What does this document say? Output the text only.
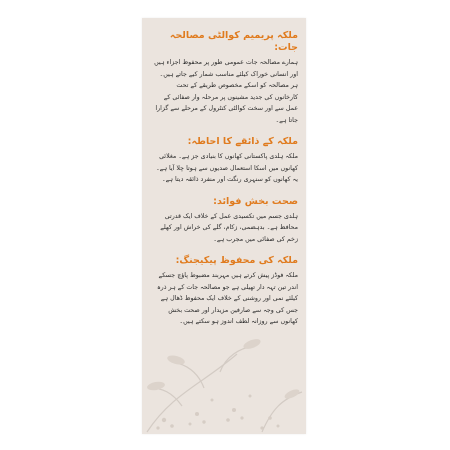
ملکہ پریمیم کوالٹی مصالحہ جات:

ہمارے مصالحہ جات عمومی طور پر محفوظ اجزاء ہیں اور انسانی خوراک کیلئے مناسب شمار کیے جاتے ہیں۔ ہر مصالحہ کو اسکے مخصوص طریقے کے تحت کارخانوں کی جدید مشینوں پر مرحلہ وار صفائی کے عمل سے اور سخت کوالٹی کنٹرول کے مرحلے سے گزارا جاتا ہے۔

ملکہ کے ذائقے کا احاطہ:

ملکہ ہلدی پاکستانی کھانوں کا بنیادی جز ہے۔ مغلائی کھانوں میں اسکا استعمال صدیوں سے ہوتا چلا آیا ہے۔ یہ کھانوں کو سنہری رنگت اور منفرد ذائقہ دیتا ہے۔

صحت بخش فوائد:

ہلدی جسم میں تکسیدی عمل کے خلاف ایک قدرتی محافظ ہے۔ بدہضمی، زکام، گلے کی خراش اور کھلے زخم کی صفائی میں مجرب ہے۔

ملکہ کی محفوظ پیکیجنگ:

ملکہ فوڈز پیش کرتے ہیں مہربند مضبوط پاؤچ جسکے اندر تین تہہ دار تھیلی ہے جو مصالحہ جات کے ہر ذرہ کیلئے نمی اور روشنی کے خلاف ایک محفوظ ڈھال ہے جس کی وجہ سے صارفین مزیدار اور صحت بخش کھانوں سے روزانہ لطف اندوز ہو سکتے ہیں۔
